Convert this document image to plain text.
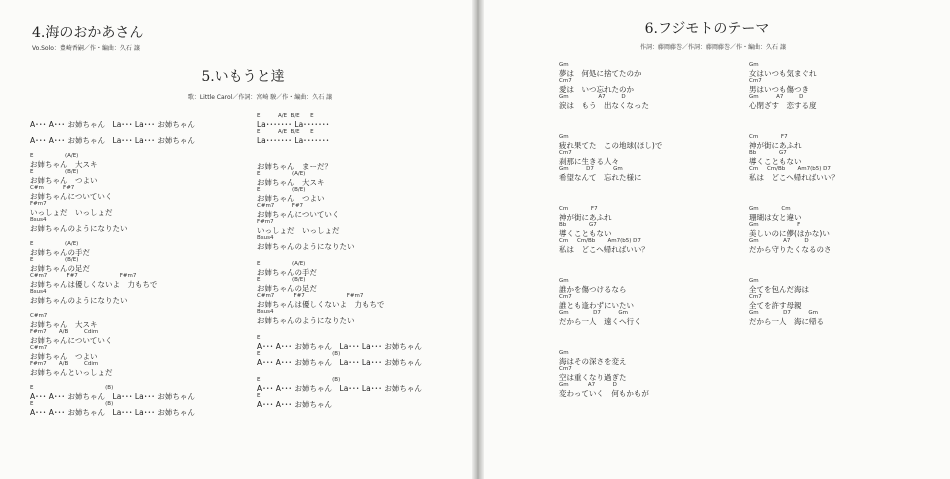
4.海のおかあさん
Vo.Solo：豊崎香嗣／作・編曲：久石 譲
5.いもうと達
歌：Little Carol／作詞：宮崎 駿／作・編曲：久石 譲
A･･･ A･･･ お姉ちゃん　La･･･ La･･･ お姉ちゃん
A･･･ A･･･ お姉ちゃん　La･･･ La･･･ お姉ちゃん
E                  (A/E)
お姉ちゃん　大スキ
E                  (B/E)
お姉ちゃん　つよい
C#m           F#7
お姉ちゃんについていく
F#m7
いっしょだ　いっしょだ
Bsus4
お姉ちゃんのようになりたい
E                  (A/E)
お姉ちゃんの手だ
E                  (B/E)
お姉ちゃんの足だ
C#m7           F#7                        F#m7
お姉ちゃんは優しくないよ　力もちで
Bsus4
お姉ちゃんのようになりたい
C#m7
お姉ちゃん　大スキ
F#m7       A/B         Cdim
お姉ちゃんについていく
C#m7
お姉ちゃん　つよい
F#m7       A/B         Cdim
お姉ちゃんといっしょだ
E                                         (B)
A･･･ A･･･ お姉ちゃん　La･･･ La･･･ お姉ちゃん
E                                         (B)
A･･･ A･･･ お姉ちゃん　La･･･ La･･･ お姉ちゃん
E          A/E  B/E      E
La･･･････ La･･･････
E          A/E  B/E      E
La･･･････ La･･･････
お姉ちゃん　まーだ？
E                  (A/E)
お姉ちゃん　大スキ
E                  (B/E)
お姉ちゃん　つよい
C#m7          F#7
お姉ちゃんについていく
F#m7
いっしょだ　いっしょだ
Bsus4
お姉ちゃんのようになりたい
E                  (A/E)
お姉ちゃんの手だ
E                  (B/E)
お姉ちゃんの足だ
C#m7           F#7                        F#m7
お姉ちゃんは優しくないよ　力もちで
Bsus4
お姉ちゃんのようになりたい
E
A･･･ A･･･ お姉ちゃん　La･･･ La･･･ お姉ちゃん
E                                         (B)
A･･･ A･･･ お姉ちゃん　La･･･ La･･･ お姉ちゃん
E                                         (B)
A･･･ A･･･ お姉ちゃん　La･･･ La･･･ お姉ちゃん
E
A･･･ A･･･ お姉ちゃん
6.フジモトのテーマ
作詞：藤岡藤巻／作詞：藤岡藤巻／作・編曲：久石 譲
Gm
夢は　何処に捨てたのか
Cm7
愛は　いつ忘れたのか
Gm                 A7         D
涙は　もう　出なくなった
Gm
疲れ果てた　この地球(ほし)で
Cm7
刹那に生きる人々
Gm          D7           Gm
希望なんて　忘れた様に
Cm             F7
神が街にあふれ
Bb             G7
導くこともない
Cm     Cm/Bb       Am7(b5) D7
私は　どこへ帰ればいい？
Gm
誰かを傷つけるなら
Cm7
誰とも逢わずにいたい
Gm              D7          Gm
だから一人　遠くへ行く
Gm
海はその深さを変え
Cm7
空は重くなり過ぎた
Gm           A7          D
変わっていく　何もかもが
Gm
女はいつも気まぐれ
Cm7
男はいつも傷つき
Gm          A7         D
心閉ざす　恋する度
Cm             F7
神が街にあふれ
Bb             G7
導くこともない
Cm     Cm/Bb       Am7(b5) D7
私は　どこへ帰ればいい？
Gm             Cm
珊瑚は女と違い
Gm                      F
美しいのに儚(はかな)い
Gm              A7        D
だから守りたくなるのさ
Gm
全てを包んだ海は
Cm7
全てを許す母親
Gm              D7          Gm
だから一人　海に帰る
